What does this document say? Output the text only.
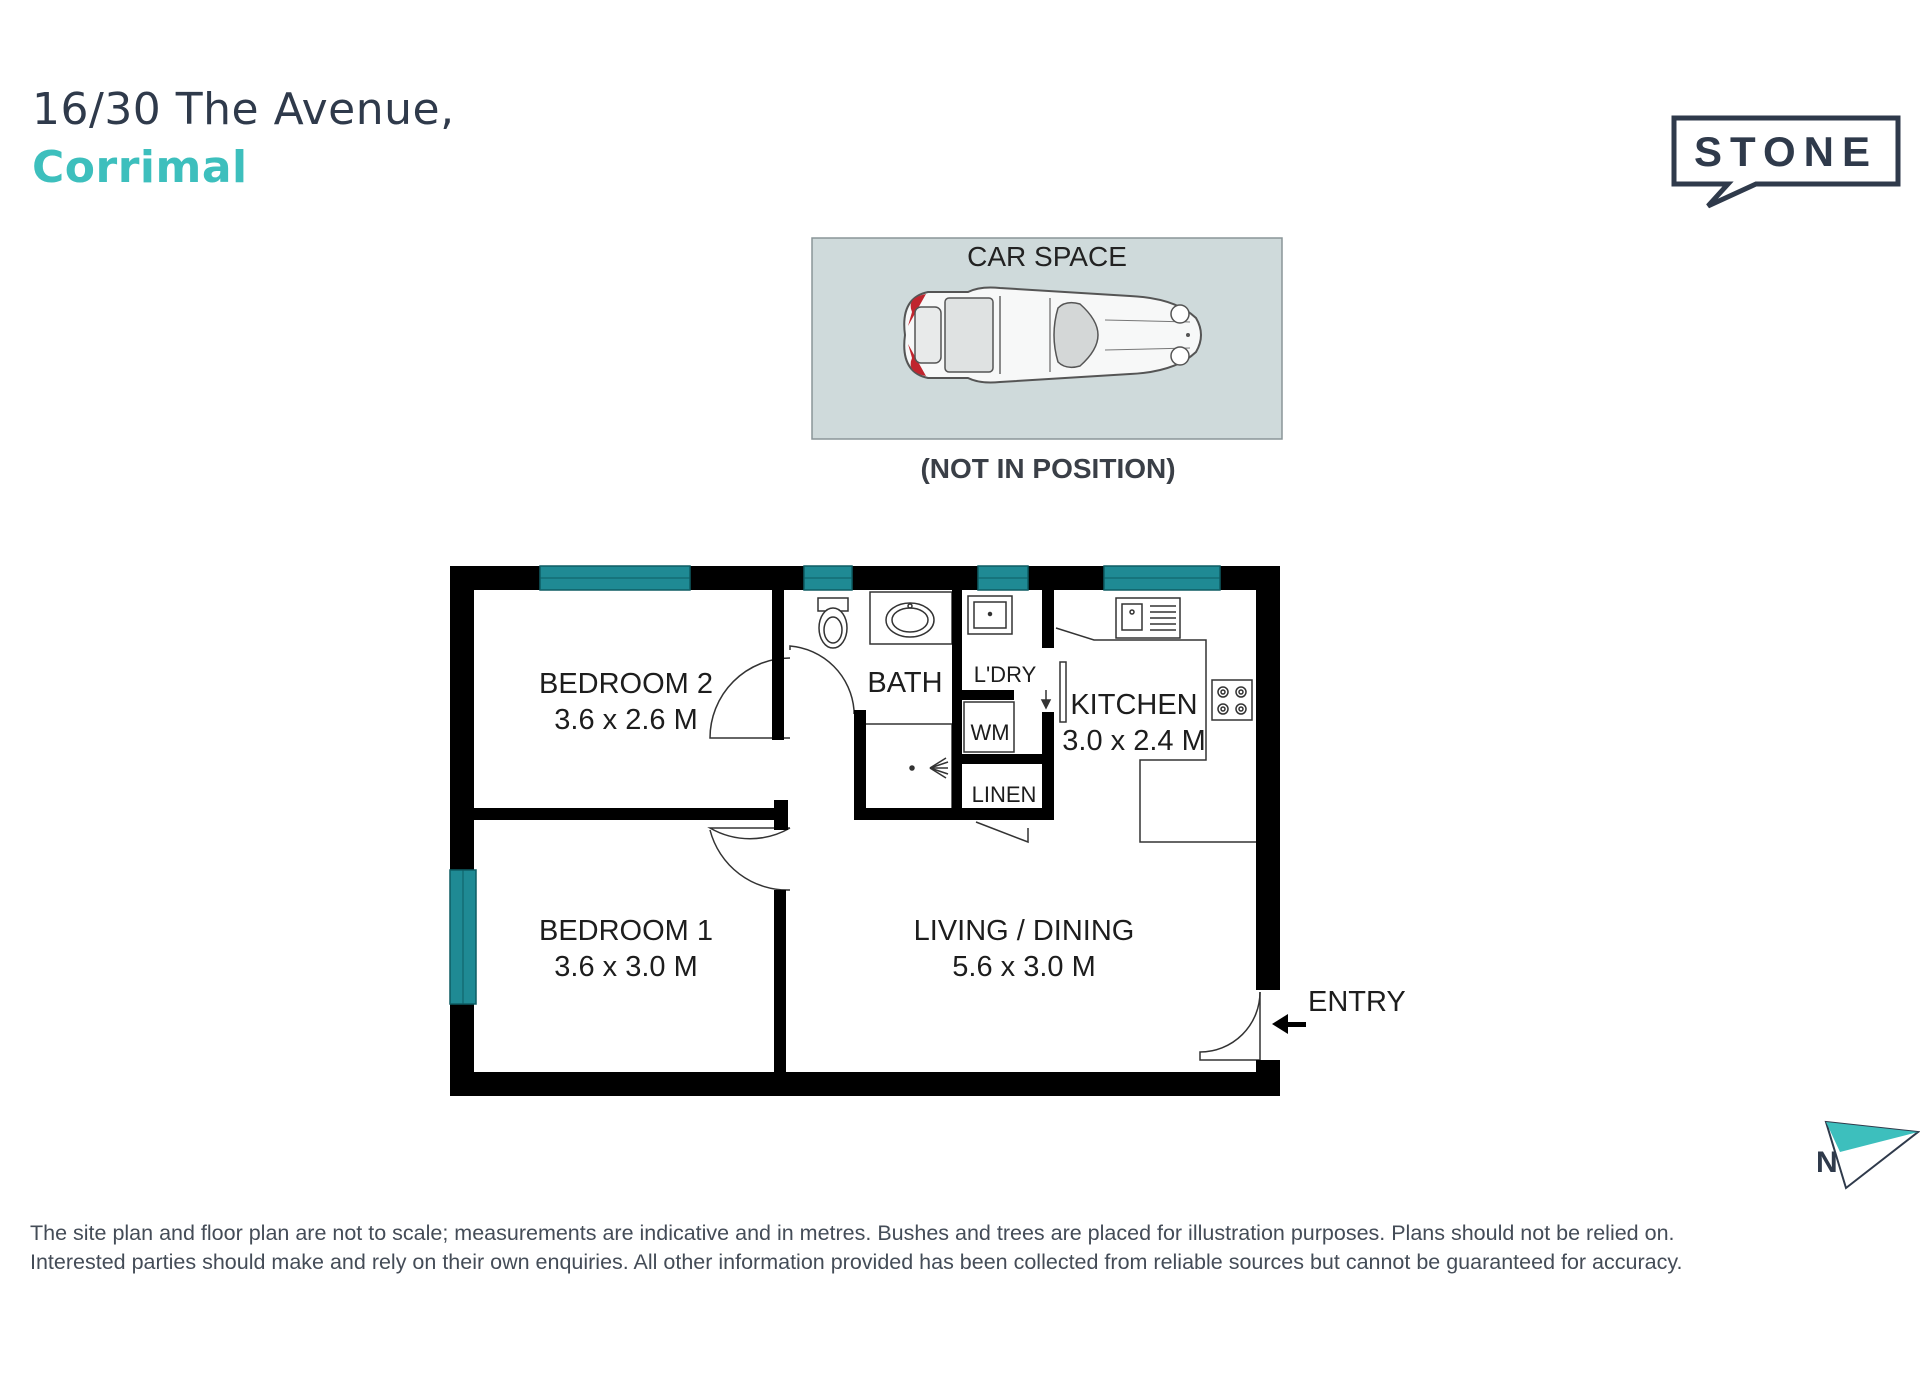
16/30 The Avenue,
Corrimal	STONE
CAR SPACE
(NOT IN POSITION)
BEDROOM 2
3.6 x 2.6 M
BEDROOM 1
3.6 x 3.0 M
BATH
KITCHEN
3.0 x 2.4 M
LIVING / DINING
5.6 x 3.0 M
L'DRY
WM
LINEN
ENTRY
N
The site plan and floor plan are not to scale; measurements are indicative and in metres. Bushes and trees are placed for illustration purposes. Plans should not be relied on.
Interested parties should make and rely on their own enquiries. All other information provided has been collected from reliable sources but cannot be guaranteed for accuracy.
